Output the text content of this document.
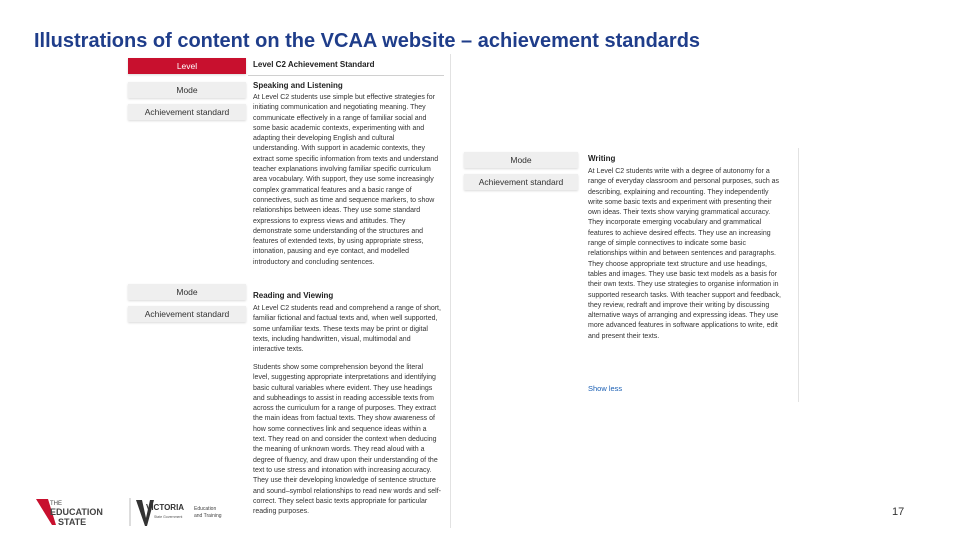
Illustrations of content on the VCAA website – achievement standards
Level	Level C2 Achievement Standard
Mode
Achievement standard
Speaking and Listening
At Level C2 students use simple but effective strategies for initiating communication and negotiating meaning. They communicate effectively in a range of familiar social and some basic academic contexts, experimenting with and adapting their developing English and cultural understanding. With support in academic contexts, they extract some specific information from texts and understand teacher explanations involving familiar specific curriculum area vocabulary. With support, they use some increasingly complex grammatical features and a basic range of connectives, such as time and sequence markers, to show relationships between ideas. They use some standard expressions to express views and attitudes. They demonstrate some understanding of the structures and features of extended texts, by using appropriate stress, intonation, pausing and eye contact, and modelled introductory and concluding sentences.
Mode
Achievement standard
Reading and Viewing
At Level C2 students read and comprehend a range of short, familiar fictional and factual texts and, when well supported, some unfamiliar texts. These texts may be print or digital texts, including handwritten, visual, multimodal and interactive texts.
Students show some comprehension beyond the literal level, suggesting appropriate interpretations and identifying basic cultural variables where evident. They use headings and subheadings to assist in reading accessible texts from across the curriculum for a range of purposes. They extract the main ideas from factual texts. They show awareness of how some connectives link and sequence ideas within a text. They read on and consider the context when deducing the meaning of unknown words. They read aloud with a degree of fluency, and draw upon their understanding of the text to use stress and intonation with increasing accuracy. They use their developing knowledge of sentence structure and sound–symbol relationships to read new words and self-correct. They select basic texts appropriate for particular reading purposes.
Mode
Achievement standard
Writing
At Level C2 students write with a degree of autonomy for a range of everyday classroom and personal purposes, such as describing, explaining and recounting. They independently write some basic texts and experiment with presenting their own ideas. Their texts show varying grammatical accuracy. They incorporate emerging vocabulary and grammatical features to achieve desired effects. They use an increasing range of simple connectives to indicate some basic relationships within and between sentences and paragraphs. They choose appropriate text structure and use headings, tables and images. They use basic text models as a basis for their own texts. They use strategies to organise information in supported research tasks. With teacher support and feedback, they review, redraft and improve their writing by discussing alternative ways of arranging and expressing ideas. They use more advanced features in software applications to write, edit and present their texts.
Show less
THE
EDUCATION
STATE
VICTORIA
State Government
Education
and Training	17
